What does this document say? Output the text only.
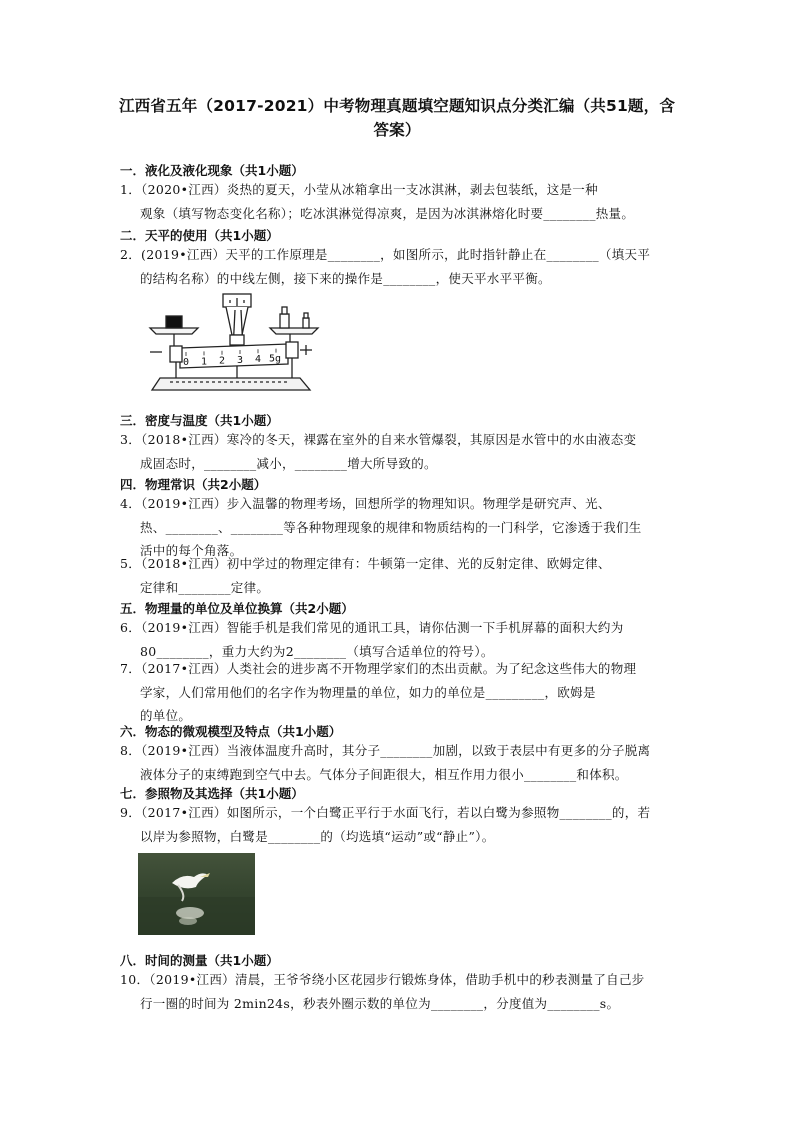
江西省五年（2017-2021）中考物理真题填空题知识点分类汇编（共51题，含
答案）
一．液化及液化现象（共1小题）
1．（2020•江西）炎热的夏天，小莹从冰箱拿出一支冰淇淋，剥去包装纸，这是一种
观象（填写物态变化名称）；吃冰淇淋觉得凉爽，是因为冰淇淋熔化时要________热量。
二．天平的使用（共1小题）
2．(2019•江西）天平的工作原理是________，如图所示，此时指针静止在________（填天平
的结构名称）的中线左侧，接下来的操作是________，使天平水平平衡。
0 1 2 3 4 5g
三．密度与温度（共1小题）
3．（2018•江西）寒冷的冬天，裸露在室外的自来水管爆裂，其原因是水管中的水由液态变
成固态时，________减小，________增大所导致的。
四．物理常识（共2小题）
4．（2019•江西）步入温馨的物理考场，回想所学的物理知识。物理学是研究声、光、
热、________、________等各种物理现象的规律和物质结构的一门科学，它渗透于我们生
活中的每个角落。
5．（2018•江西）初中学过的物理定律有：牛顿第一定律、光的反射定律、欧姆定律、
定律和________定律。
五．物理量的单位及单位换算（共2小题）
6．（2019•江西）智能手机是我们常见的通讯工具，请你估测一下手机屏幕的面积大约为
80________，重力大约为2________（填写合适单位的符号）。
7．（2017•江西）人类社会的进步离不开物理学家们的杰出贡献。为了纪念这些伟大的物理
学家，人们常用他们的名字作为物理量的单位，如力的单位是_________，欧姆是
的单位。
六．物态的微观模型及特点（共1小题）
8．（2019•江西）当液体温度升高时，其分子________加剧，以致于表层中有更多的分子脱离
液体分子的束缚跑到空气中去。气体分子间距很大，相互作用力很小________和体积。
七．参照物及其选择（共1小题）
9．（2017•江西）如图所示，一个白鹭正平行于水面飞行，若以白鹭为参照物________的，若
以岸为参照物，白鹭是________的（均选填“运动”或“静止”）。
八．时间的测量（共1小题）
10．（2019•江西）清晨，王爷爷绕小区花园步行锻炼身体，借助手机中的秒表测量了自己步
行一圈的时间为 2min24s，秒表外圈示数的单位为________，分度值为________s。
